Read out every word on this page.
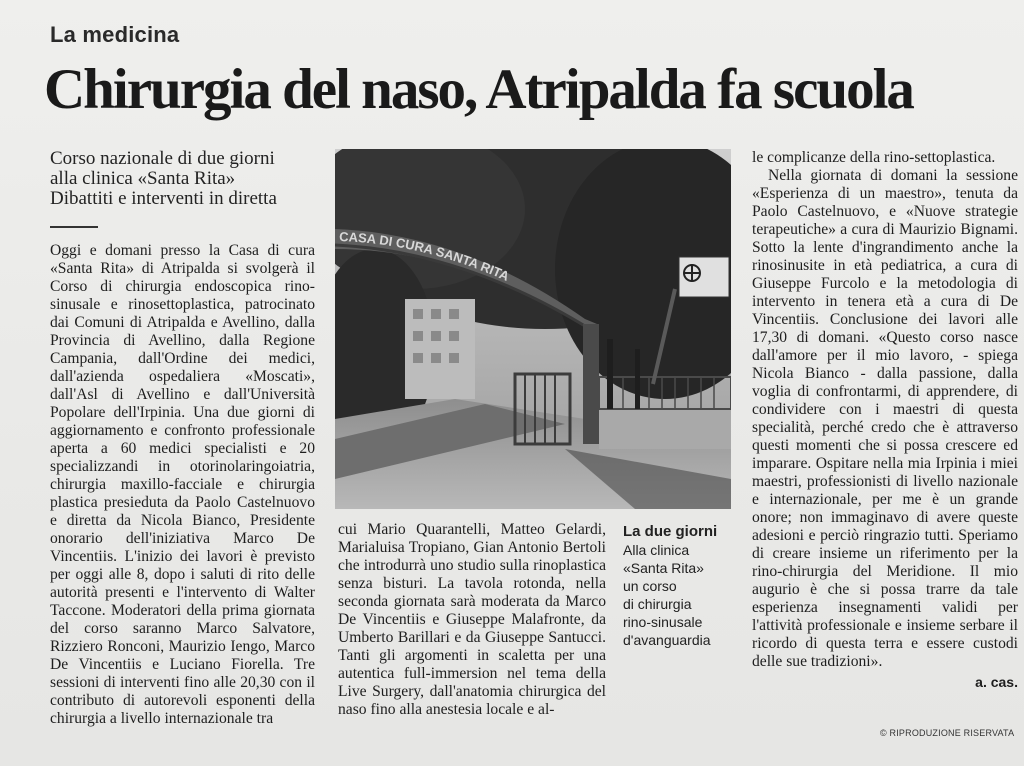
La medicina
Chirurgia del naso, Atripalda fa scuola
Corso nazionale di due giorni
alla clinica «Santa Rita»
Dibattiti e interventi in diretta

Oggi e domani presso la Casa di cura «Santa Rita» di Atripalda si svolgerà il Corso di chirurgia endoscopica rino-sinusale e rinosettoplastica, patrocinato dai Comuni di Atripalda e Avellino, dalla Provincia di Avellino, dalla Regione Campania, dall'Ordine dei medici, dall'azienda ospedaliera «Moscati», dall'Asl di Avellino e dall'Università Popolare dell'Irpinia. Una due giorni di aggiornamento e confronto professionale aperta a 60 medici specialisti e 20 specializzandi in otorinolaringoiatria, chirurgia maxillo-facciale e chirurgia plastica presieduta da Paolo Castelnuovo e diretta da Nicola Bianco, Presidente onorario dell'iniziativa Marco De Vincentiis. L'inizio dei lavori è previsto per oggi alle 8, dopo i saluti di rito delle autorità presenti e l'intervento di Walter Taccone. Moderatori della prima giornata del corso saranno Marco Salvatore, Rizziero Ronconi, Maurizio Iengo, Marco De Vincentiis e Luciano Fiorella. Tre sessioni di interventi fino alle 20,30 con il contributo di autorevoli esponenti della chirurgia a livello internazionale tra

CASA DI CURA SANTA RITA

cui Mario Quarantelli, Matteo Gelardi, Marialuisa Tropiano, Gian Antonio Bertoli che introdurrà uno studio sulla rinoplastica senza bisturi. La tavola rotonda, nella seconda giornata sarà moderata da Marco De Vincentiis e Giuseppe Malafronte, da Umberto Barillari e da Giuseppe Santucci. Tanti gli argomenti in scaletta per una autentica full-immersion nel tema della Live Surgery, dall'anatomia chirurgica del naso fino alla anestesia locale e al-

La due giorni
Alla clinica
«Santa Rita»
un corso
di chirurgia
rino-sinusale
d'avanguardia

le complicanze della rino-settoplastica.

Nella giornata di domani la sessione «Esperienza di un maestro», tenuta da Paolo Castelnuovo, e «Nuove strategie terapeutiche» a cura di Maurizio Bignami. Sotto la lente d'ingrandimento anche la rinosinusite in età pediatrica, a cura di Giuseppe Furcolo e la metodologia di intervento in tenera età a cura di De Vincentiis. Conclusione dei lavori alle 17,30 di domani. «Questo corso nasce dall'amore per il mio lavoro, - spiega Nicola Bianco - dalla passione, dalla voglia di confrontarmi, di apprendere, di condividere con i maestri di questa specialità, perché credo che è attraverso questi momenti che si possa crescere ed imparare. Ospitare nella mia Irpinia i miei maestri, professionisti di livello nazionale e internazionale, per me è un grande onore; non immaginavo di avere queste adesioni e perciò ringrazio tutti. Speriamo di creare insieme un riferimento per la rino-chirurgia del Meridione. Il mio augurio è che si possa trarre da tale esperienza insegnamenti validi per l'attività professionale e insieme serbare il ricordo di questa terra e essere custodi delle sue tradizioni».

a. cas.
© RIPRODUZIONE RISERVATA
